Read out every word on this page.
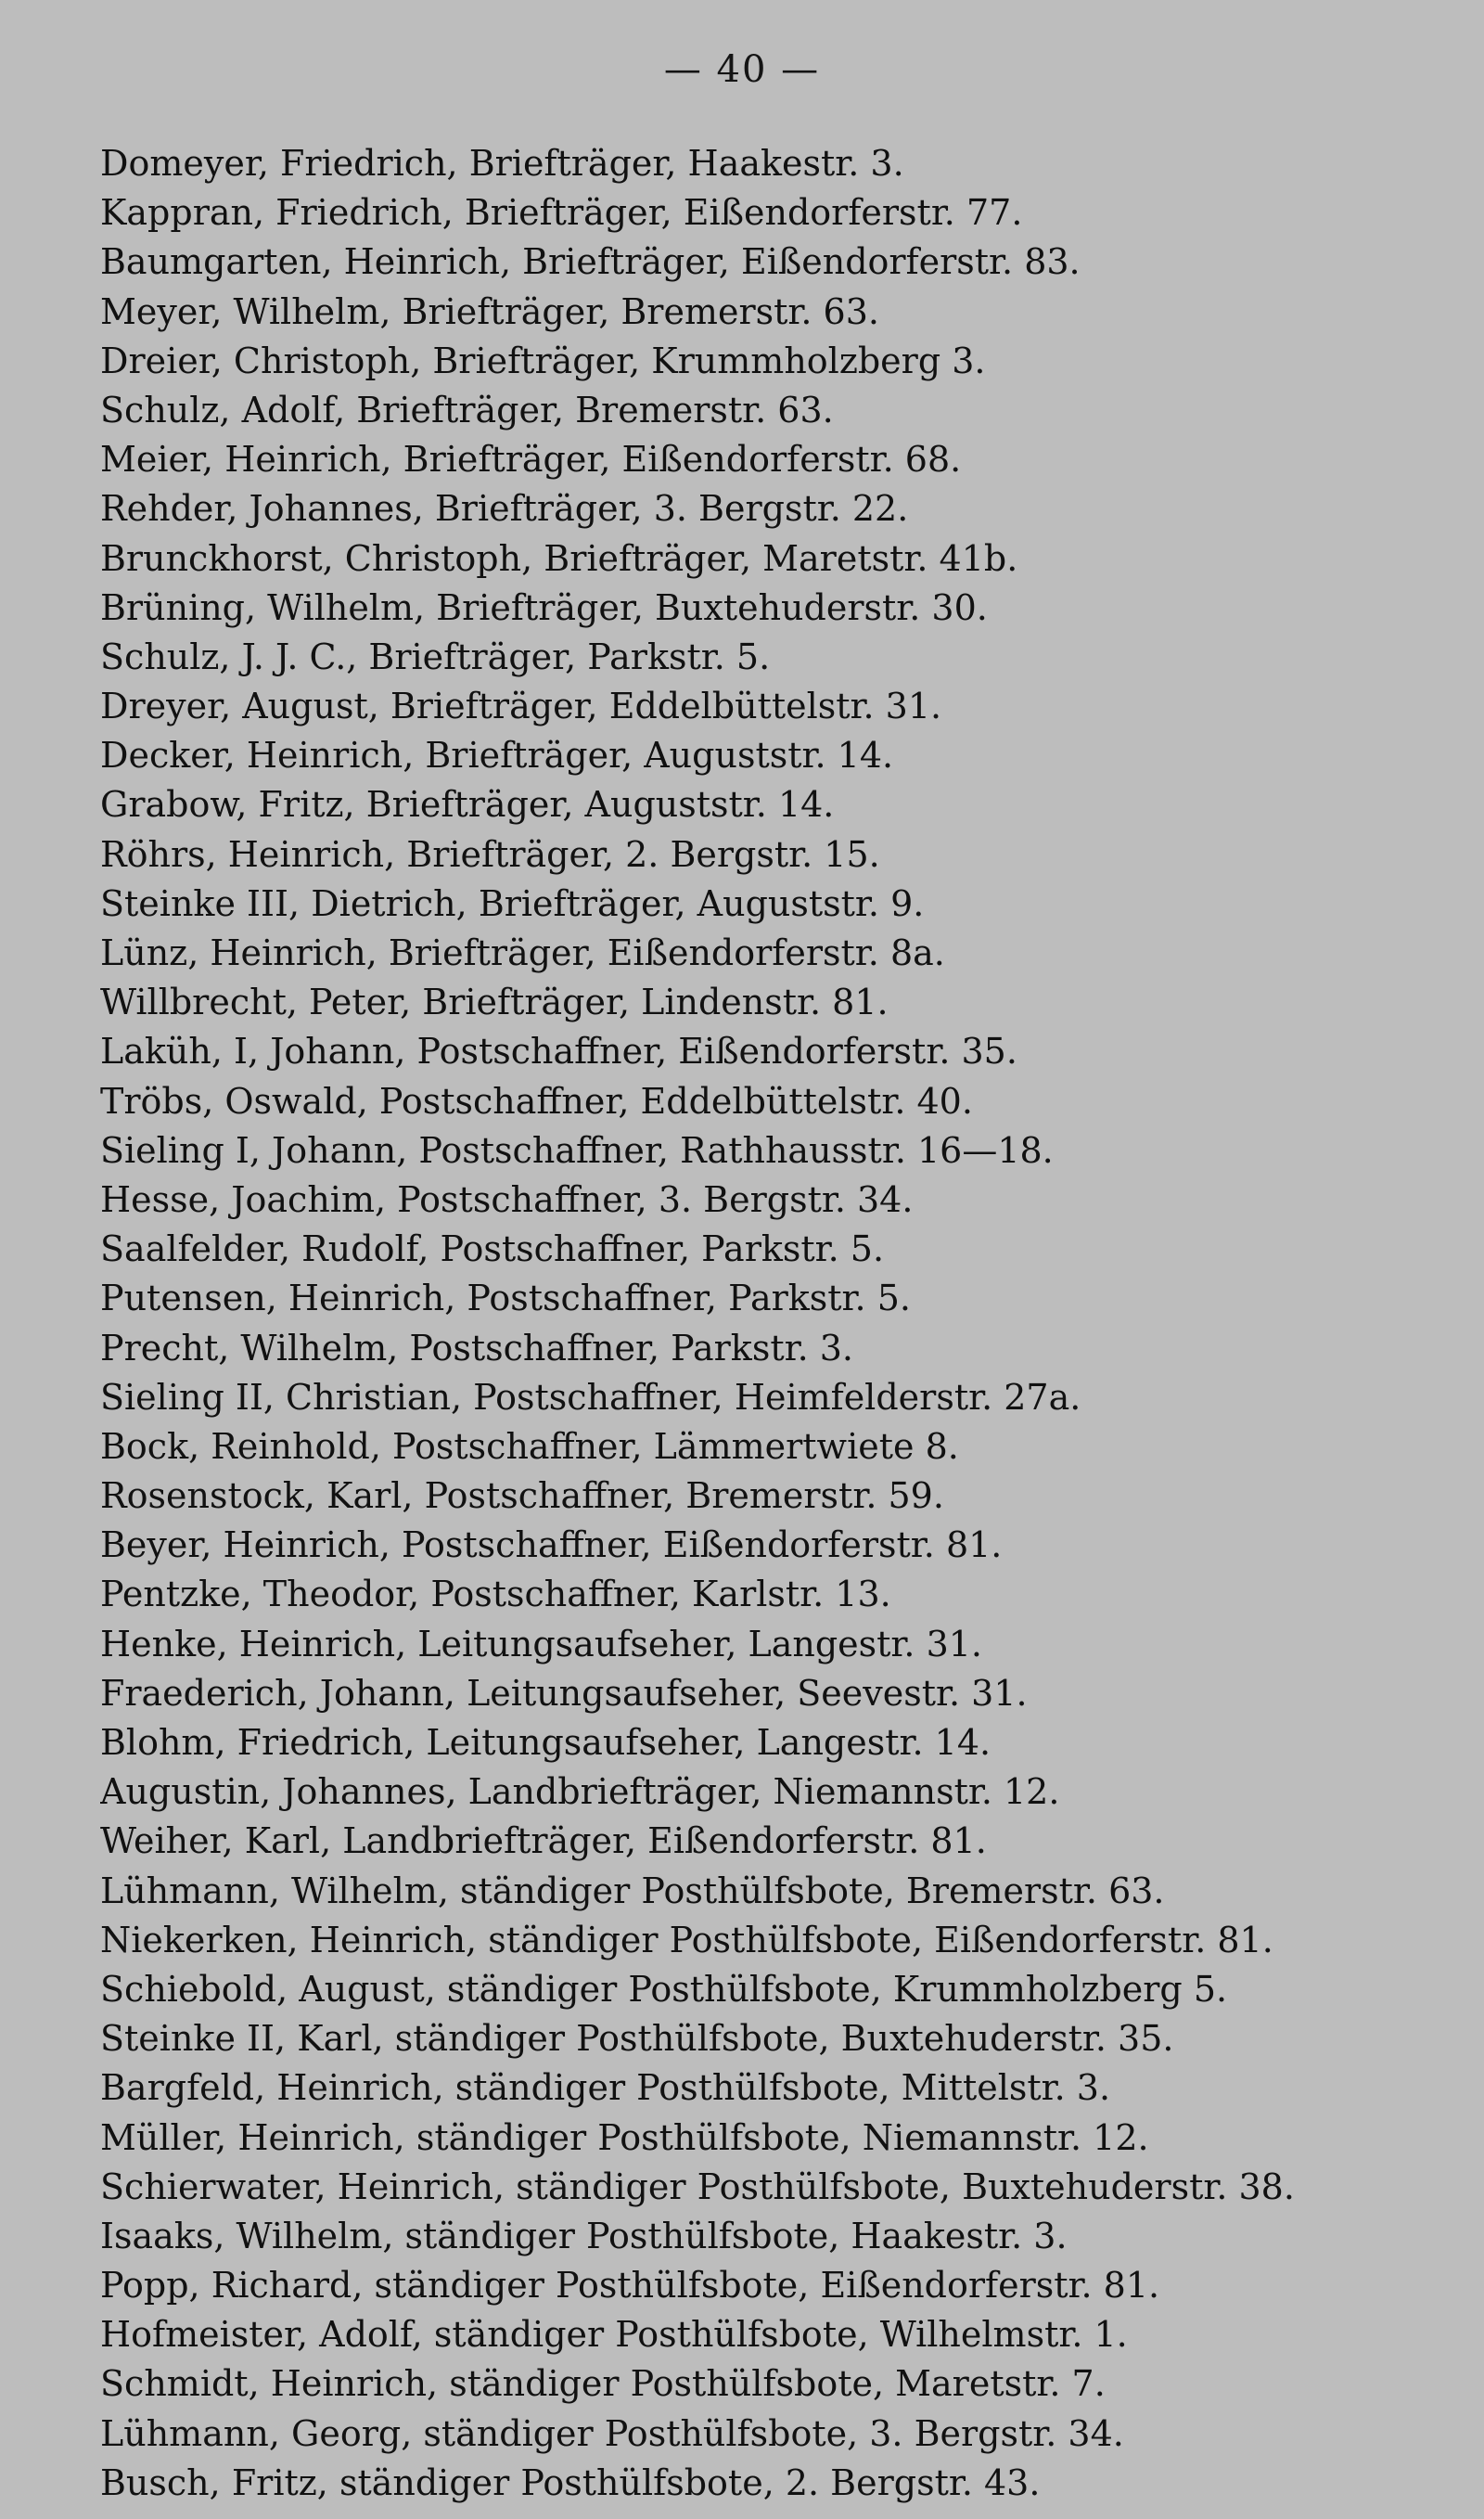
— 40 —
Domeyer, Friedrich, Briefträger, Haakestr. 3.
Kappran, Friedrich, Briefträger, Eißendorferstr. 77.
Baumgarten, Heinrich, Briefträger, Eißendorferstr. 83.
Meyer, Wilhelm, Briefträger, Bremerstr. 63.
Dreier, Christoph, Briefträger, Krummholzberg 3.
Schulz, Adolf, Briefträger, Bremerstr. 63.
Meier, Heinrich, Briefträger, Eißendorferstr. 68.
Rehder, Johannes, Briefträger, 3. Bergstr. 22.
Brunckhorst, Christoph, Briefträger, Maretstr. 41b.
Brüning, Wilhelm, Briefträger, Buxtehuderstr. 30.
Schulz, J. J. C., Briefträger, Parkstr. 5.
Dreyer, August, Briefträger, Eddelbüttelstr. 31.
Decker, Heinrich, Briefträger, Auguststr. 14.
Grabow, Fritz, Briefträger, Auguststr. 14.
Röhrs, Heinrich, Briefträger, 2. Bergstr. 15.
Steinke III, Dietrich, Briefträger, Auguststr. 9.
Lünz, Heinrich, Briefträger, Eißendorferstr. 8a.
Willbrecht, Peter, Briefträger, Lindenstr. 81.
Laküh, I, Johann, Postschaffner, Eißendorferstr. 35.
Tröbs, Oswald, Postschaffner, Eddelbüttelstr. 40.
Sieling I, Johann, Postschaffner, Rathhausstr. 16—18.
Hesse, Joachim, Postschaffner, 3. Bergstr. 34.
Saalfelder, Rudolf, Postschaffner, Parkstr. 5.
Putensen, Heinrich, Postschaffner, Parkstr. 5.
Precht, Wilhelm, Postschaffner, Parkstr. 3.
Sieling II, Christian, Postschaffner, Heimfelderstr. 27a.
Bock, Reinhold, Postschaffner, Lämmertwiete 8.
Rosenstock, Karl, Postschaffner, Bremerstr. 59.
Beyer, Heinrich, Postschaffner, Eißendorferstr. 81.
Pentzke, Theodor, Postschaffner, Karlstr. 13.
Henke, Heinrich, Leitungsaufseher, Langestr. 31.
Fraederich, Johann, Leitungsaufseher, Seevestr. 31.
Blohm, Friedrich, Leitungsaufseher, Langestr. 14.
Augustin, Johannes, Landbriefträger, Niemannstr. 12.
Weiher, Karl, Landbriefträger, Eißendorferstr. 81.
Lühmann, Wilhelm, ständiger Posthülfsbote, Bremerstr. 63.
Niekerken, Heinrich, ständiger Posthülfsbote, Eißendorferstr. 81.
Schiebold, August, ständiger Posthülfsbote, Krummholzberg 5.
Steinke II, Karl, ständiger Posthülfsbote, Buxtehuderstr. 35.
Bargfeld, Heinrich, ständiger Posthülfsbote, Mittelstr. 3.
Müller, Heinrich, ständiger Posthülfsbote, Niemannstr. 12.
Schierwater, Heinrich, ständiger Posthülfsbote, Buxtehuderstr. 38.
Isaaks, Wilhelm, ständiger Posthülfsbote, Haakestr. 3.
Popp, Richard, ständiger Posthülfsbote, Eißendorferstr. 81.
Hofmeister, Adolf, ständiger Posthülfsbote, Wilhelmstr. 1.
Schmidt, Heinrich, ständiger Posthülfsbote, Maretstr. 7.
Lühmann, Georg, ständiger Posthülfsbote, 3. Bergstr. 34.
Busch, Fritz, ständiger Posthülfsbote, 2. Bergstr. 43.
